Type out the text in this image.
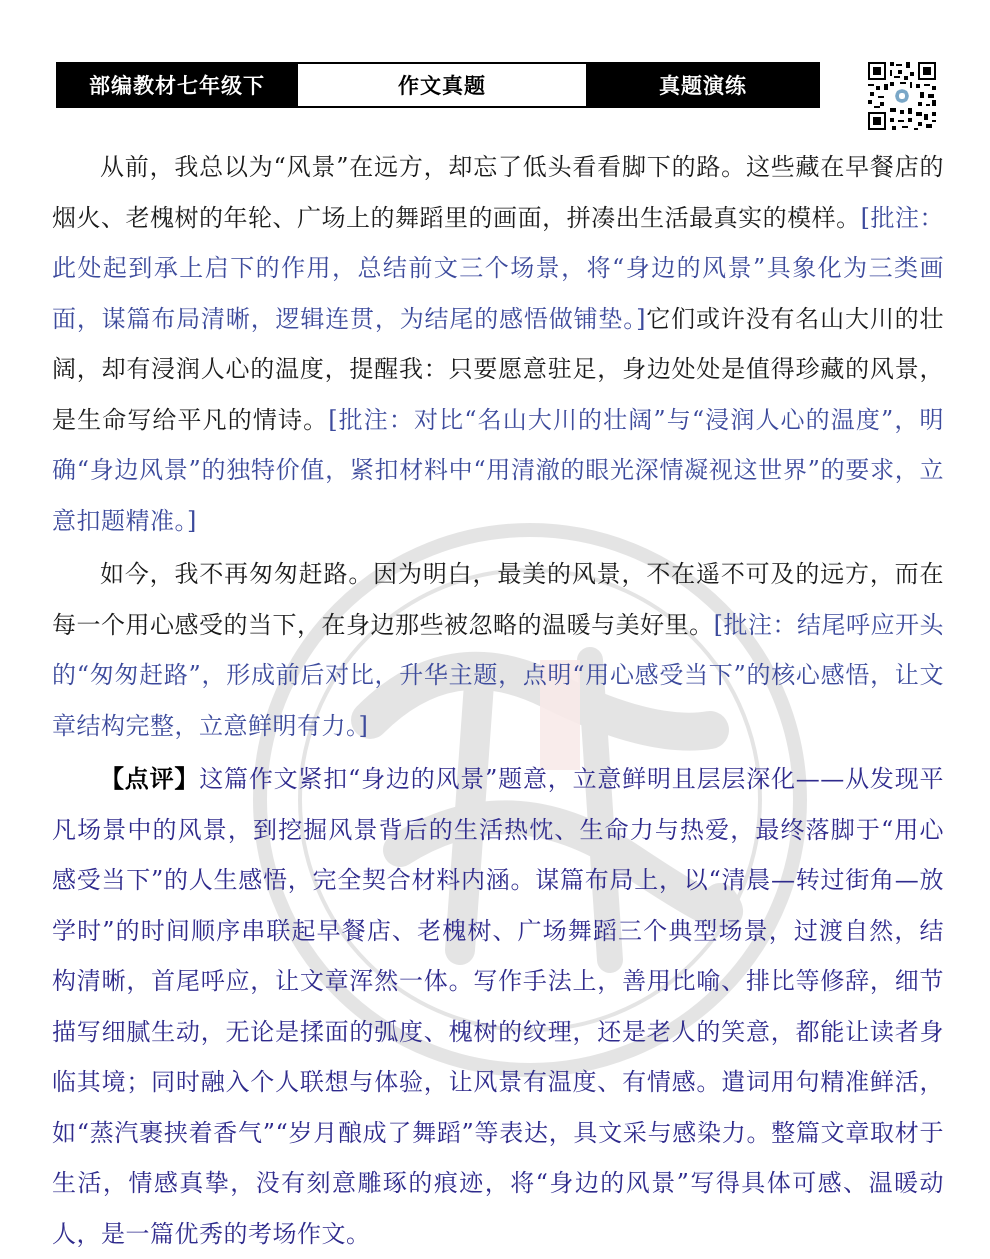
部编教材七年级下	作文真题	真题演练

从前，我总以为“风景”在远方，却忘了低头看看脚下的路。这些藏在早餐店的烟火、老槐树的年轮、广场上的舞蹈里的画面，拼凑出生活最真实的模样。[批注：此处起到承上启下的作用，总结前文三个场景，将“身边的风景”具象化为三类画面，谋篇布局清晰，逻辑连贯，为结尾的感悟做铺垫。]它们或许没有名山大川的壮阔，却有浸润人心的温度，提醒我：只要愿意驻足，身边处处是值得珍藏的风景，是生命写给平凡的情诗。[批注：对比“名山大川的壮阔”与“浸润人心的温度”，明确“身边风景”的独特价值，紧扣材料中“用清澈的眼光深情凝视这世界”的要求，立意扣题精准。]

如今，我不再匆匆赶路。因为明白，最美的风景，不在遥不可及的远方，而在每一个用心感受的当下，在身边那些被忽略的温暖与美好里。[批注：结尾呼应开头的“匆匆赶路”，形成前后对比，升华主题，点明“用心感受当下”的核心感悟，让文章结构完整，立意鲜明有力。]

【点评】这篇作文紧扣“身边的风景”题意，立意鲜明且层层深化——从发现平凡场景中的风景，到挖掘风景背后的生活热忱、生命力与热爱，最终落脚于“用心感受当下”的人生感悟，完全契合材料内涵。谋篇布局上，以“清晨—转过街角—放学时”的时间顺序串联起早餐店、老槐树、广场舞蹈三个典型场景，过渡自然，结构清晰，首尾呼应，让文章浑然一体。写作手法上，善用比喻、排比等修辞，细节描写细腻生动，无论是揉面的弧度、槐树的纹理，还是老人的笑意，都能让读者身临其境；同时融入个人联想与体验，让风景有温度、有情感。遣词用句精准鲜活，如“蒸汽裹挟着香气”“岁月酿成了舞蹈”等表达，具文采与感染力。整篇文章取材于生活，情感真挚，没有刻意雕琢的痕迹，将“身边的风景”写得具体可感、温暖动人，是一篇优秀的考场作文。
